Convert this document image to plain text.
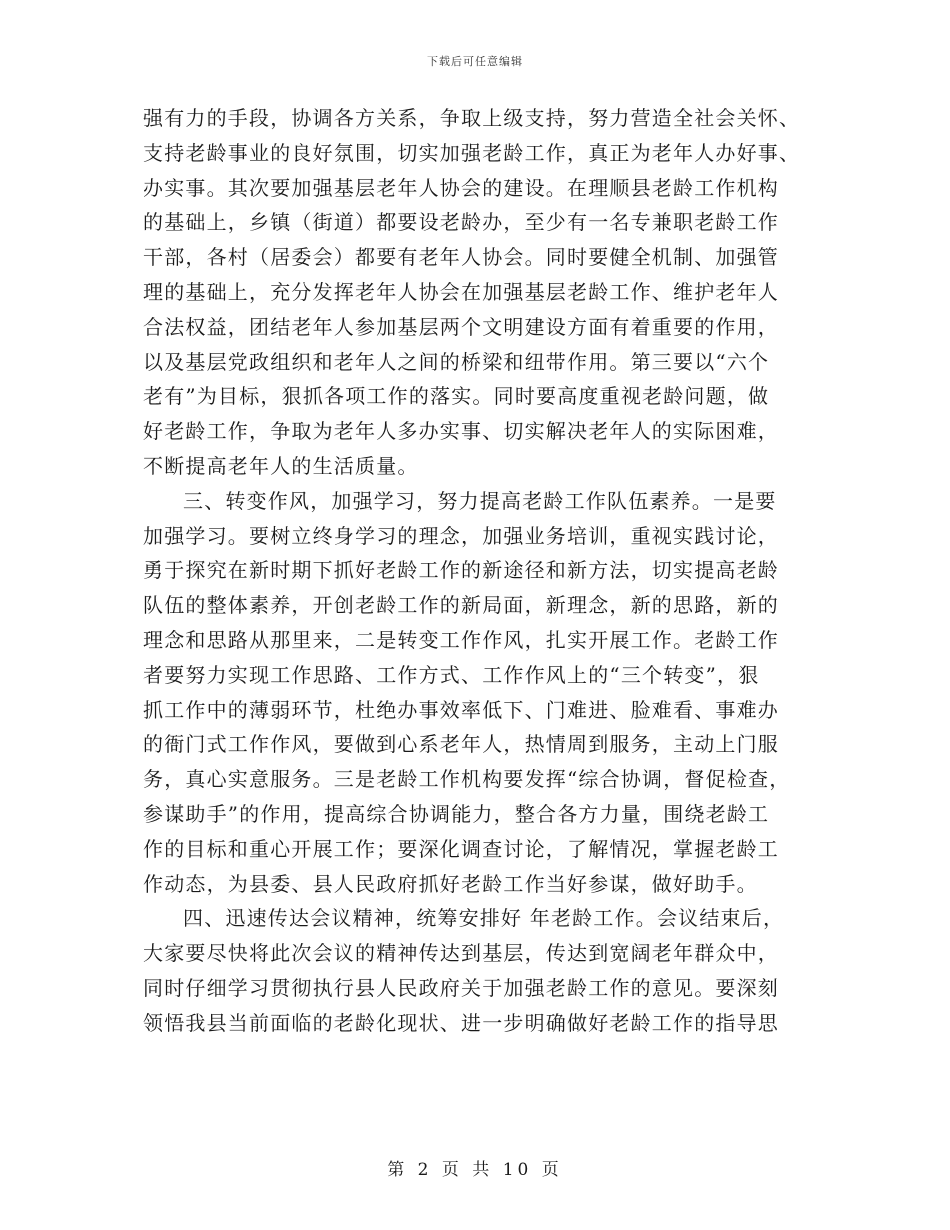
下载后可任意编辑
强有力的手段，协调各方关系，争取上级支持，努力营造全社会关怀、
支持老龄事业的良好氛围，切实加强老龄工作，真正为老年人办好事、
办实事。其次要加强基层老年人协会的建设。在理顺县老龄工作机构
的基础上，乡镇（街道）都要设老龄办，至少有一名专兼职老龄工作
干部，各村（居委会）都要有老年人协会。同时要健全机制、加强管
理的基础上，充分发挥老年人协会在加强基层老龄工作、维护老年人
合法权益，团结老年人参加基层两个文明建设方面有着重要的作用，
以及基层党政组织和老年人之间的桥梁和纽带作用。第三要以“六个
老有”为目标，狠抓各项工作的落实。同时要高度重视老龄问题，做
好老龄工作，争取为老年人多办实事、切实解决老年人的实际困难，
不断提高老年人的生活质量。
三、转变作风，加强学习，努力提高老龄工作队伍素养。一是要
加强学习。要树立终身学习的理念，加强业务培训，重视实践讨论，
勇于探究在新时期下抓好老龄工作的新途径和新方法，切实提高老龄
队伍的整体素养，开创老龄工作的新局面，新理念，新的思路，新的
理念和思路从那里来，二是转变工作作风，扎实开展工作。老龄工作
者要努力实现工作思路、工作方式、工作作风上的“三个转变”，狠
抓工作中的薄弱环节，杜绝办事效率低下、门难进、脸难看、事难办
的衙门式工作作风，要做到心系老年人，热情周到服务，主动上门服
务，真心实意服务。三是老龄工作机构要发挥“综合协调，督促检查，
参谋助手”的作用，提高综合协调能力，整合各方力量，围绕老龄工
作的目标和重心开展工作；要深化调查讨论，了解情况，掌握老龄工
作动态，为县委、县人民政府抓好老龄工作当好参谋，做好助手。
四、迅速传达会议精神，统筹安排好 年老龄工作。会议结束后，
大家要尽快将此次会议的精神传达到基层，传达到宽阔老年群众中，
同时仔细学习贯彻执行县人民政府关于加强老龄工作的意见。要深刻
领悟我县当前面临的老龄化现状、进一步明确做好老龄工作的指导思
第 2 页 共 10 页
